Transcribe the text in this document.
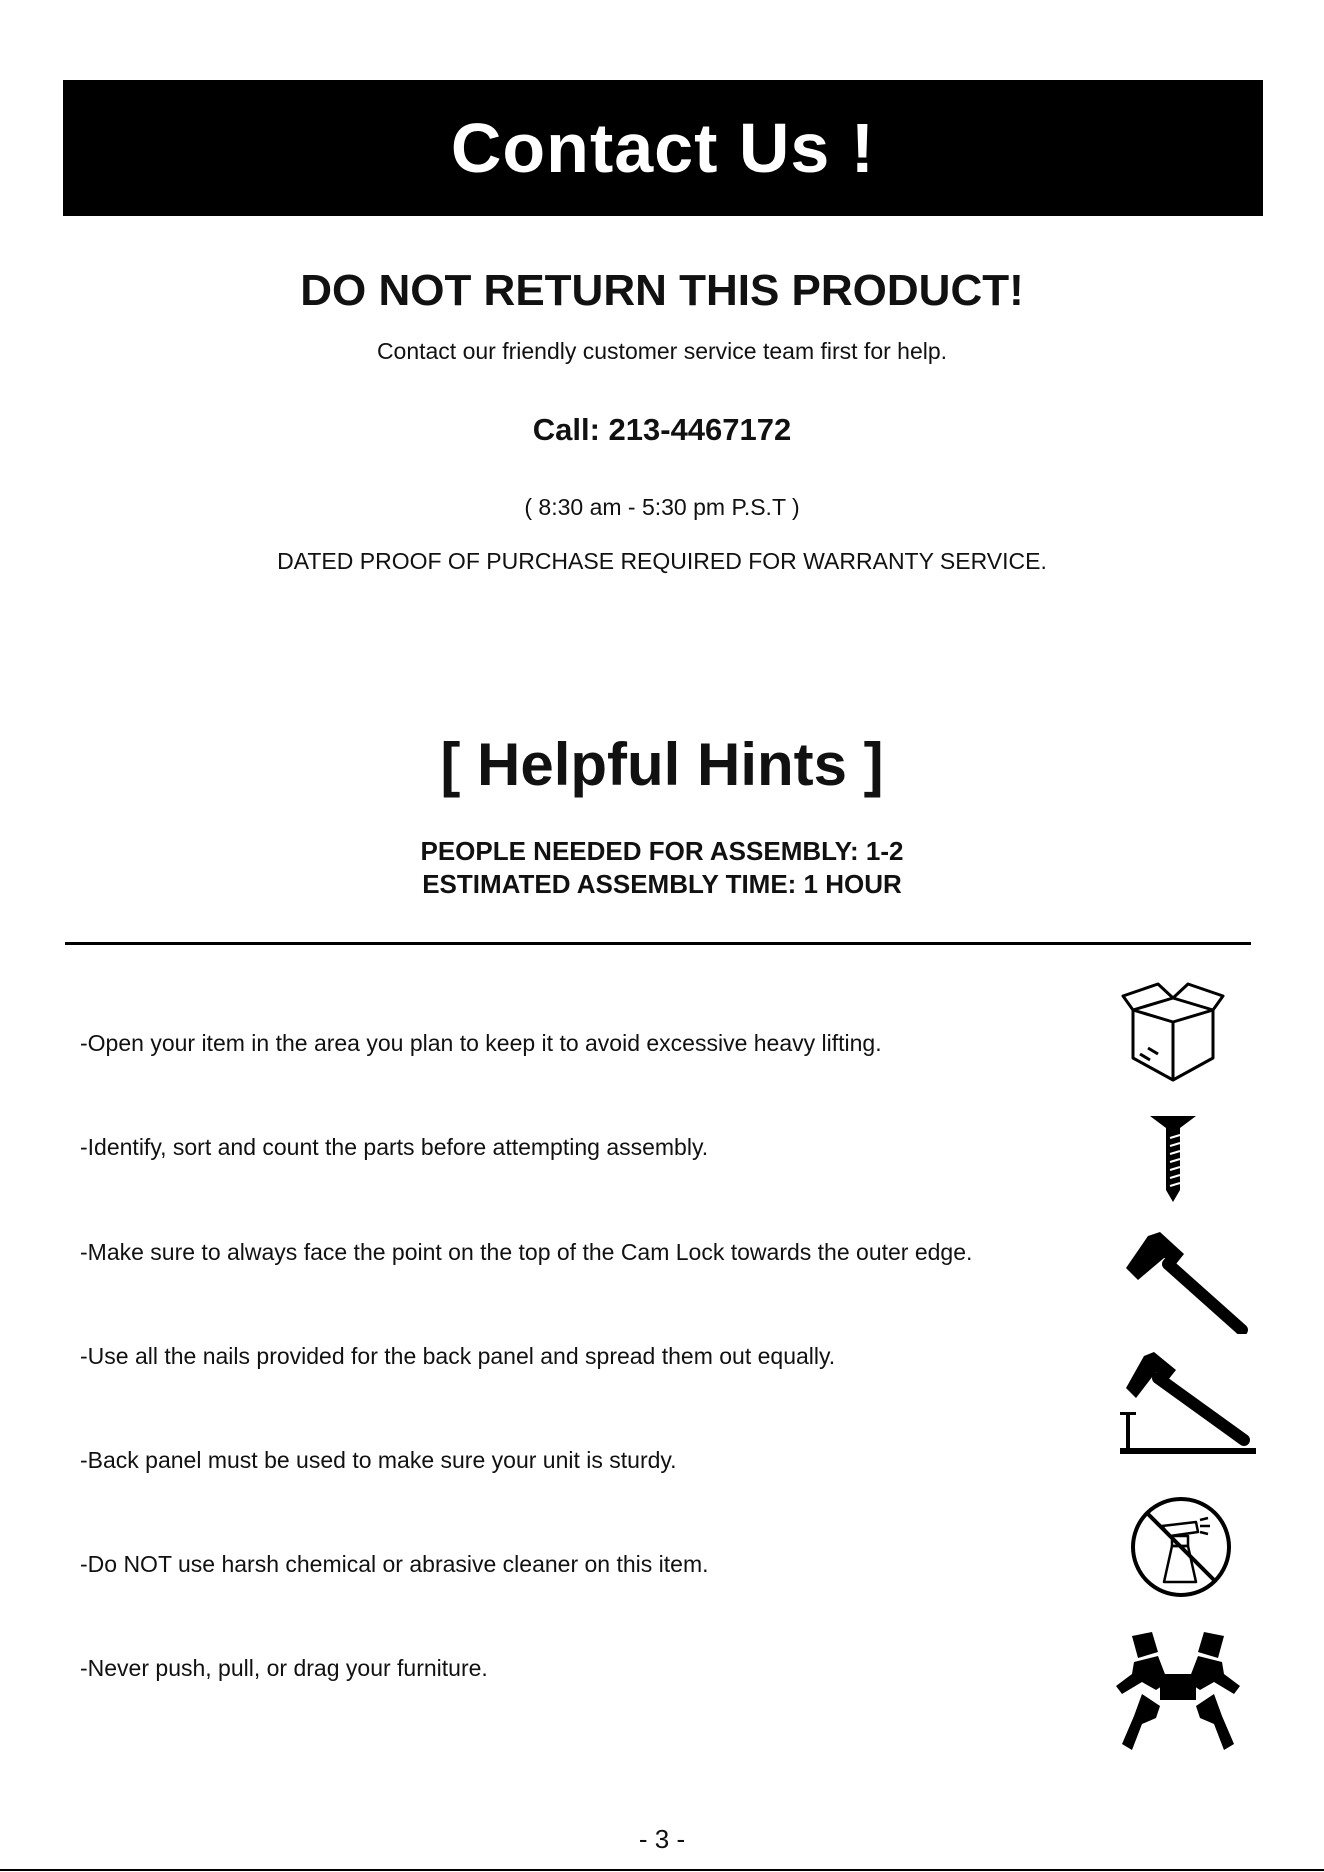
Contact Us !
DO NOT RETURN THIS PRODUCT!
Contact our friendly customer service team first for help.
Call: 213-4467172
( 8:30 am - 5:30 pm P.S.T )
DATED PROOF OF PURCHASE REQUIRED FOR WARRANTY SERVICE.
[ Helpful Hints ]
PEOPLE NEEDED FOR ASSEMBLY: 1-2
ESTIMATED ASSEMBLY TIME: 1 HOUR
-Open your item in the area you plan to keep it to avoid excessive heavy lifting.
-Identify, sort and count the parts before attempting assembly.
-Make sure to always face the point on the top of the Cam Lock towards the outer edge.
-Use all the nails provided for the back panel and spread them out equally.
-Back panel must be used to make sure your unit is sturdy.
-Do NOT use harsh chemical or abrasive cleaner on this item.
-Never push, pull, or drag your furniture.
- 3 -
